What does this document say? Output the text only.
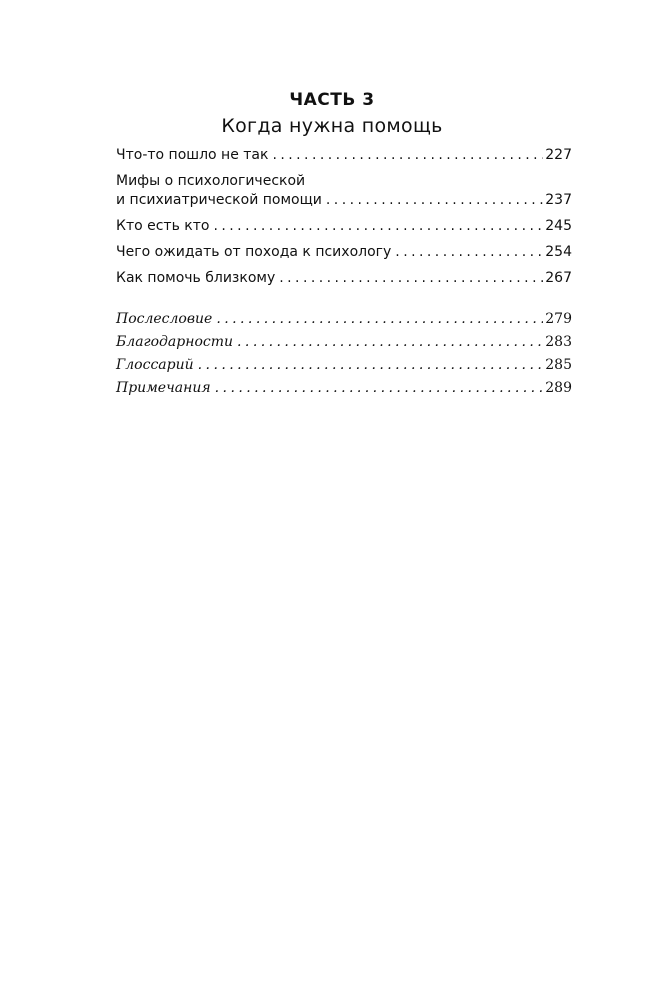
ЧАСТЬ 3
Когда нужна помощь
Что-то пошло не так . . .	227
Мифы о психологической
и психиатрической помощи . . .	237
Кто есть кто . . .	245
Чего ожидать от похода к психологу . . .	254
Как помочь близкому . . .	267
Послесловие . . .	279
Благодарности . . .	283
Глоссарий . . .	285
Примечания . . .	289
